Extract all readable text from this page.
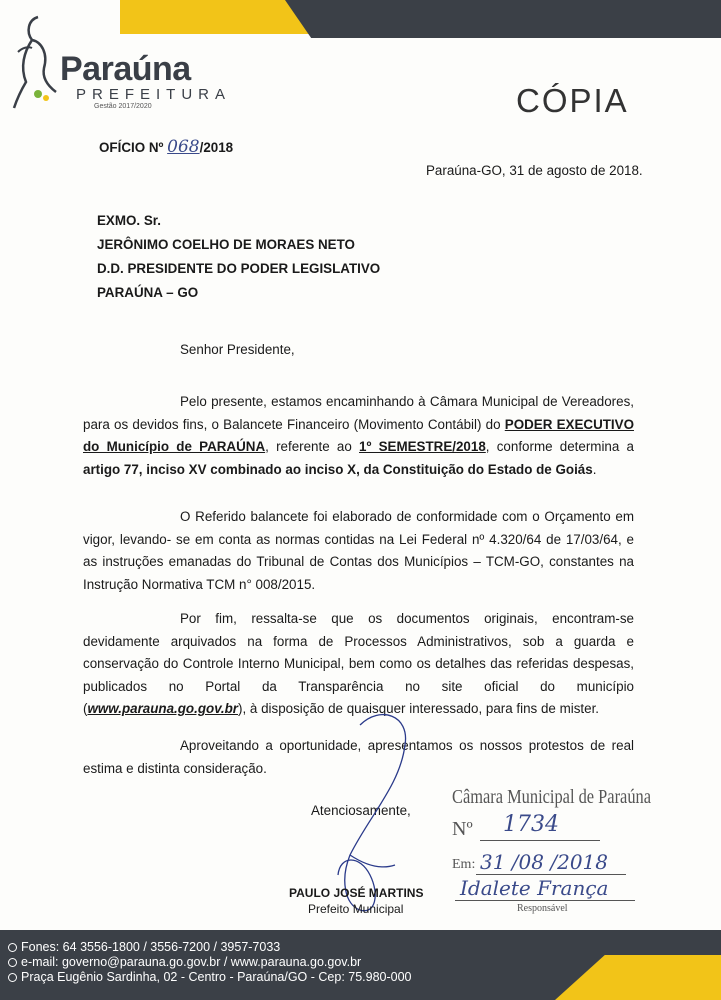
Paraúna
PREFEITURA
Gestão 2017/2020	CÓPIA
OFÍCIO Nº 068/2018
Paraúna-GO, 31 de agosto de 2018.
EXMO. Sr.
JERÔNIMO COELHO DE MORAES NETO
D.D. PRESIDENTE DO PODER LEGISLATIVO
PARAÚNA – GO
Senhor Presidente,
Pelo presente, estamos encaminhando à Câmara Municipal de Vereadores, para os devidos fins, o Balancete Financeiro (Movimento Contábil) do PODER EXECUTIVO do Município de PARAÚNA, referente ao 1º SEMESTRE/2018, conforme determina a artigo 77, inciso XV combinado ao inciso X, da Constituição do Estado de Goiás.
O Referido balancete foi elaborado de conformidade com o Orçamento em vigor, levando- se em conta as normas contidas na Lei Federal nº 4.320/64 de 17/03/64, e as instruções emanadas do Tribunal de Contas dos Municípios – TCM-GO, constantes na Instrução Normativa TCM n° 008/2015.
Por fim, ressalta-se que os documentos originais, encontram-se devidamente arquivados na forma de Processos Administrativos, sob a guarda e conservação do Controle Interno Municipal, bem como os detalhes das referidas despesas, publicados no Portal da Transparência no site oficial do município (www.parauna.go.gov.br), à disposição de quaisquer interessado, para fins de mister.
Aproveitando a oportunidade, apresentamos os nossos protestos de real estima e distinta consideração.
Atenciosamente,
PAULO JOSÉ MARTINS
Prefeito Municipal
Câmara Municipal de Paraúna
Nº 1734
Em: 31 /08 /2018
Idalete França
Responsável
Fones: 64 3556-1800 / 3556-7200 / 3957-7033
e-mail: governo@parauna.go.gov.br / www.parauna.go.gov.br
Praça Eugênio Sardinha, 02 - Centro - Paraúna/GO - Cep: 75.980-000
